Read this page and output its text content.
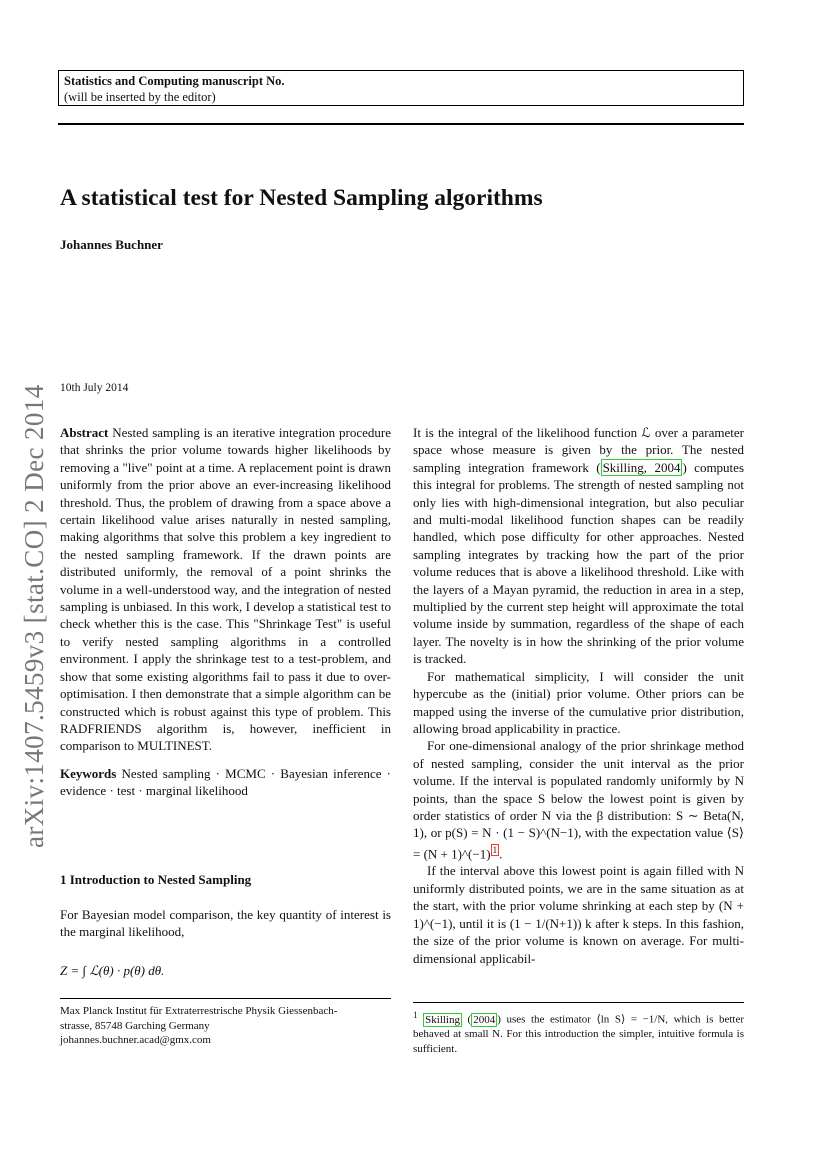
Statistics and Computing manuscript No.
(will be inserted by the editor)
A statistical test for Nested Sampling algorithms
Johannes Buchner
arXiv:1407.5459v3 [stat.CO] 2 Dec 2014 10th July 2014

Abstract Nested sampling is an iterative integration procedure that shrinks the prior volume towards higher likelihoods by removing a "live" point at a time. A replacement point is drawn uniformly from the prior above an ever-increasing likelihood threshold. Thus, the problem of drawing from a space above a certain likelihood value arises naturally in nested sampling, making algorithms that solve this problem a key ingredient to the nested sampling framework. If the drawn points are distributed uniformly, the removal of a point shrinks the volume in a well-understood way, and the integration of nested sampling is unbiased. In this work, I develop a statistical test to check whether this is the case. This "Shrinkage Test" is useful to verify nested sampling algorithms in a controlled environment. I apply the shrinkage test to a test-problem, and show that some existing algorithms fail to pass it due to over-optimisation. I then demonstrate that a simple algorithm can be constructed which is robust against this type of problem. This RADFRIENDS algorithm is, however, inefficient in comparison to MULTINEST.

Keywords Nested sampling · MCMC · Bayesian inference · evidence · test · marginal likelihood

1 Introduction to Nested Sampling

For Bayesian model comparison, the key quantity of interest is the marginal likelihood,

Z = ∫ ℒ(θ) · p(θ) dθ.
Max Planck Institut für Extraterrestrische Physik Giessenbach-
strasse, 85748 Garching Germany
johannes.buchner.acad@gmx.com

It is the integral of the likelihood function ℒ over a parameter space whose measure is given by the prior. The nested sampling integration framework ( Skilling, 2004 ) computes this integral for problems. The strength of nested sampling not only lies with high-dimensional integration, but also peculiar and multi-modal likelihood function shapes can be readily handled, which pose difficulty for other approaches. Nested sampling integrates by tracking how the part of the prior volume reduces that is above a likelihood threshold. Like with the layers of a Mayan pyramid, the reduction in area in a step, multiplied by the current step height will approximate the total volume inside by summation, regardless of the shape of each layer. The novelty is in how the shrinking of the prior volume is tracked.

For mathematical simplicity, I will consider the unit hypercube as the (initial) prior volume. Other priors can be mapped using the inverse of the cumulative prior distribution, allowing broad applicability in practice.

For one-dimensional analogy of the prior shrinkage method of nested sampling, consider the unit interval as the prior volume. If the interval is populated randomly uniformly by N points, than the space S below the lowest point is given by order statistics of order N via the β distribution: S ∼ Beta(N, 1), or p(S) = N · (1 − S)^(N−1), with the expectation value ⟨S⟩ = (N + 1)^(−1) $^1$ .

If the interval above this lowest point is again filled with N uniformly distributed points, we are in the same situation as at the start, with the prior volume shrinking at each step by (N + 1)^(−1), until it is (1 − 1/(N+1)) k after k steps. In this fashion, the size of the prior volume is known on average. For multi-dimensional applicabil-

$^1$ Skilling ( 2004 ) uses the estimator ⟨ln S⟩ = −1/N, which is better behaved at small N. For this introduction the simpler, intuitive formula is sufficient.
